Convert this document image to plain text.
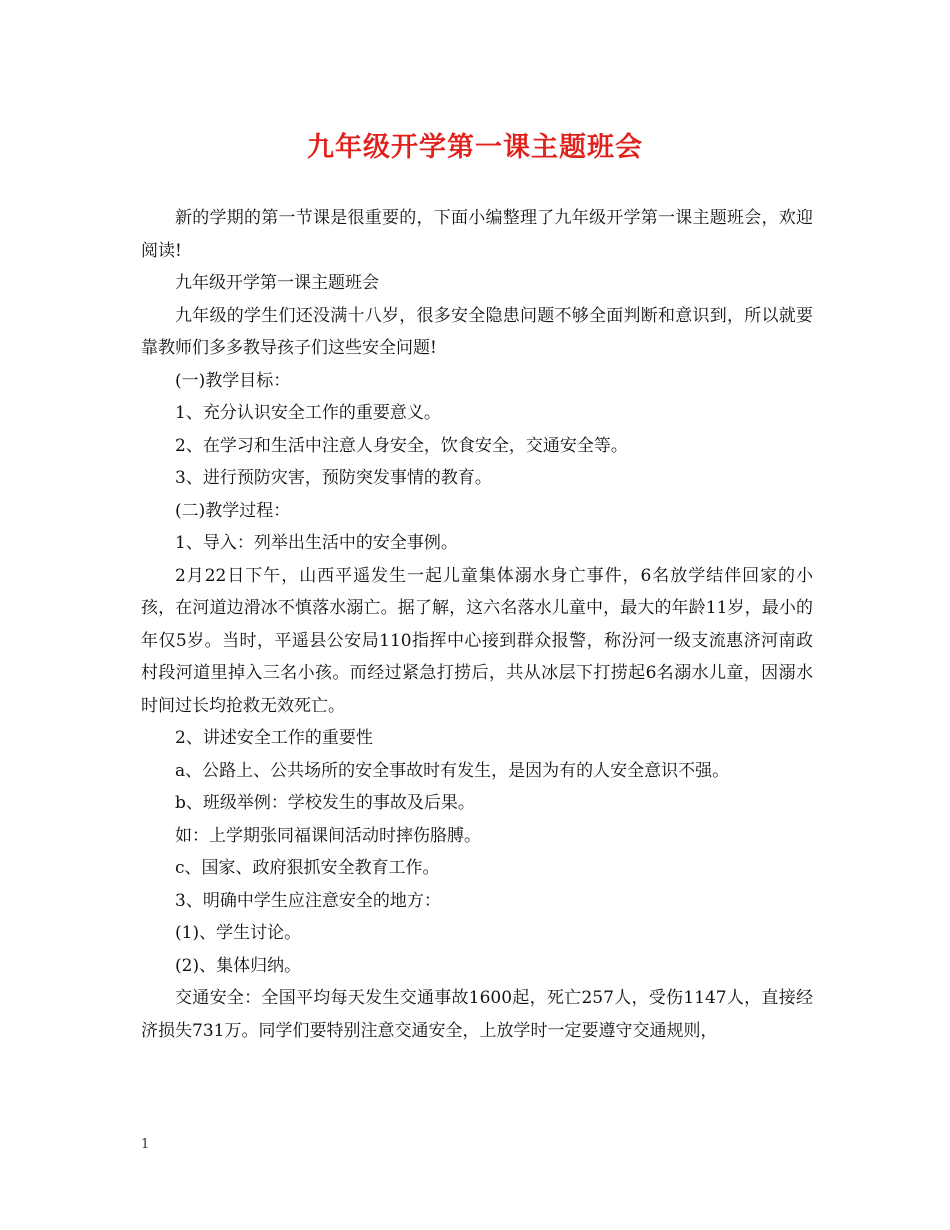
九年级开学第一课主题班会

新的学期的第一节课是很重要的，下面小编整理了九年级开学第一课主题班会，欢迎阅读!

九年级开学第一课主题班会

九年级的学生们还没满十八岁，很多安全隐患问题不够全面判断和意识到，所以就要靠教师们多多教导孩子们这些安全问题!

(一)教学目标：

1、充分认识安全工作的重要意义。

2、在学习和生活中注意人身安全，饮食安全，交通安全等。

3、进行预防灾害，预防突发事情的教育。

(二)教学过程：

1、导入：列举出生活中的安全事例。

2月22日下午，山西平遥发生一起儿童集体溺水身亡事件，6名放学结伴回家的小孩，在河道边滑冰不慎落水溺亡。据了解，这六名落水儿童中，最大的年龄11岁，最小的年仅5岁。当时，平遥县公安局110指挥中心接到群众报警，称汾河一级支流惠济河南政村段河道里掉入三名小孩。而经过紧急打捞后，共从冰层下打捞起6名溺水儿童，因溺水时间过长均抢救无效死亡。

2、讲述安全工作的重要性

a、公路上、公共场所的安全事故时有发生，是因为有的人安全意识不强。

b、班级举例：学校发生的事故及后果。

如：上学期张同福课间活动时摔伤胳膊。

c、国家、政府狠抓安全教育工作。

3、明确中学生应注意安全的地方：

(1)、学生讨论。

(2)、集体归纳。

交通安全：全国平均每天发生交通事故1600起，死亡257人，受伤1147人，直接经济损失731万。同学们要特别注意交通安全，上放学时一定要遵守交通规则，

1
